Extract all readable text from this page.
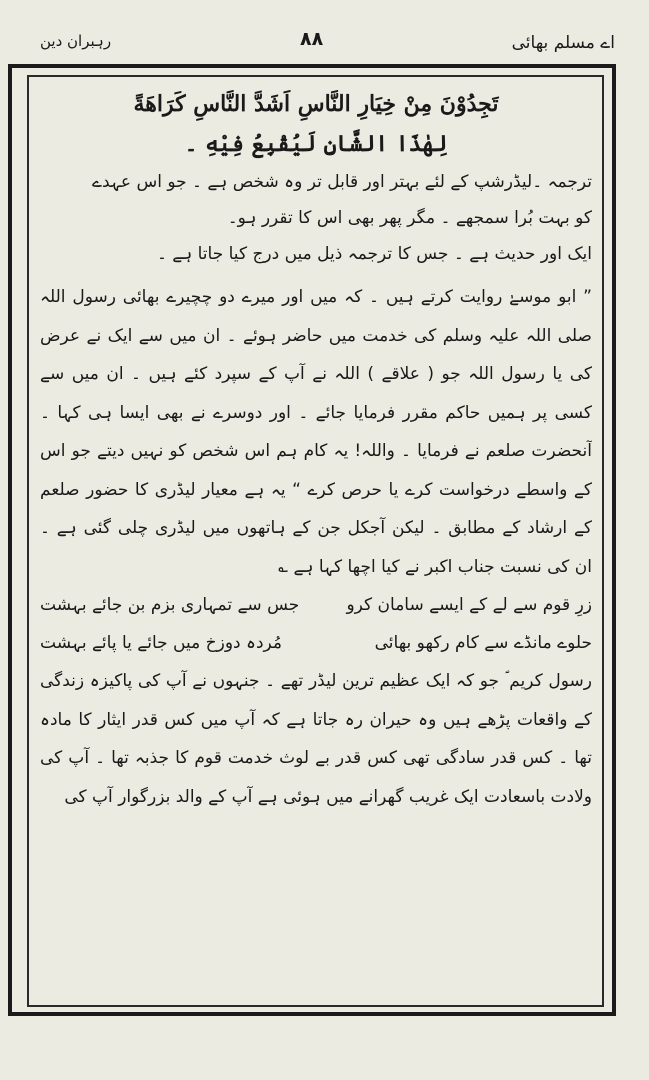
اے مسلم بھائی
۸۸
رہبران دین
تَجِدُوْنَ مِنْ خِيَارِ النَّاسِ اَشَدَّ النَّاسِ كَرَاهَةً
لِهٰذَا الشَّانِ لَيُقْبِعُ فِيْهِ ۔
ترجمہ ۔لیڈرشپ کے لئے بہتر اور قابل تر وہ شخص ہے ۔ جو اس عہدے
کو بہت بُرا سمجھے ۔ مگر پھر بھی اس کا تقرر ہو۔
ایک اور حدیث ہے ۔ جس کا ترجمہ ذیل میں درج کیا جاتا ہے ۔
” ابو موسےٰ روایت کرتے ہیں ۔ کہ میں اور میرے دو چچیرے بھائی رسول اللہ صلی اللہ علیہ وسلم کی خدمت میں حاضر ہوئے ۔ ان میں سے ایک نے عرض کی یا رسول اللہ جو ( علاقے ) اللہ نے آپ کے سپرد کئے ہیں ۔ ان میں سے کسی پر ہمیں حاکم مقرر فرمایا جائے ۔ اور دوسرے نے بھی ایسا ہی کہا ۔ آنحضرت صلعم نے فرمایا ۔ واللہ! یہ کام ہم اس شخص کو نہیں دیتے جو اس کے واسطے درخواست کرے یا حرص کرے “ یہ ہے معیار لیڈری کا حضور صلعم کے ارشاد کے مطابق ۔ لیکن آجکل جن کے ہاتھوں میں لیڈری چلی گئی ہے ۔ ان کی نسبت جناب اکبر نے کیا اچھا کہا ہے ؎
زرِ قوم سے لے کے ایسے سامان کرو
جس سے تمہاری بزم بن جائے بہشت
حلوے مانڈے سے کام رکھو بھائی
مُردہ دوزخ میں جائے یا پائے بہشت
رسول کریم ؐ جو کہ ایک عظیم ترین لیڈر تھے ۔ جنہوں نے آپ کی پاکیزہ زندگی کے واقعات پڑھے ہیں وہ حیران رہ جاتا ہے کہ آپ میں کس قدر ایثار کا مادہ تھا ۔ کس قدر سادگی تھی کس قدر بے لوث خدمت قوم کا جذبہ تھا ۔ آپ کی ولادت باسعادت ایک غریب گھرانے میں ہوئی ہے آپ کے والد بزرگوار آپ کی
